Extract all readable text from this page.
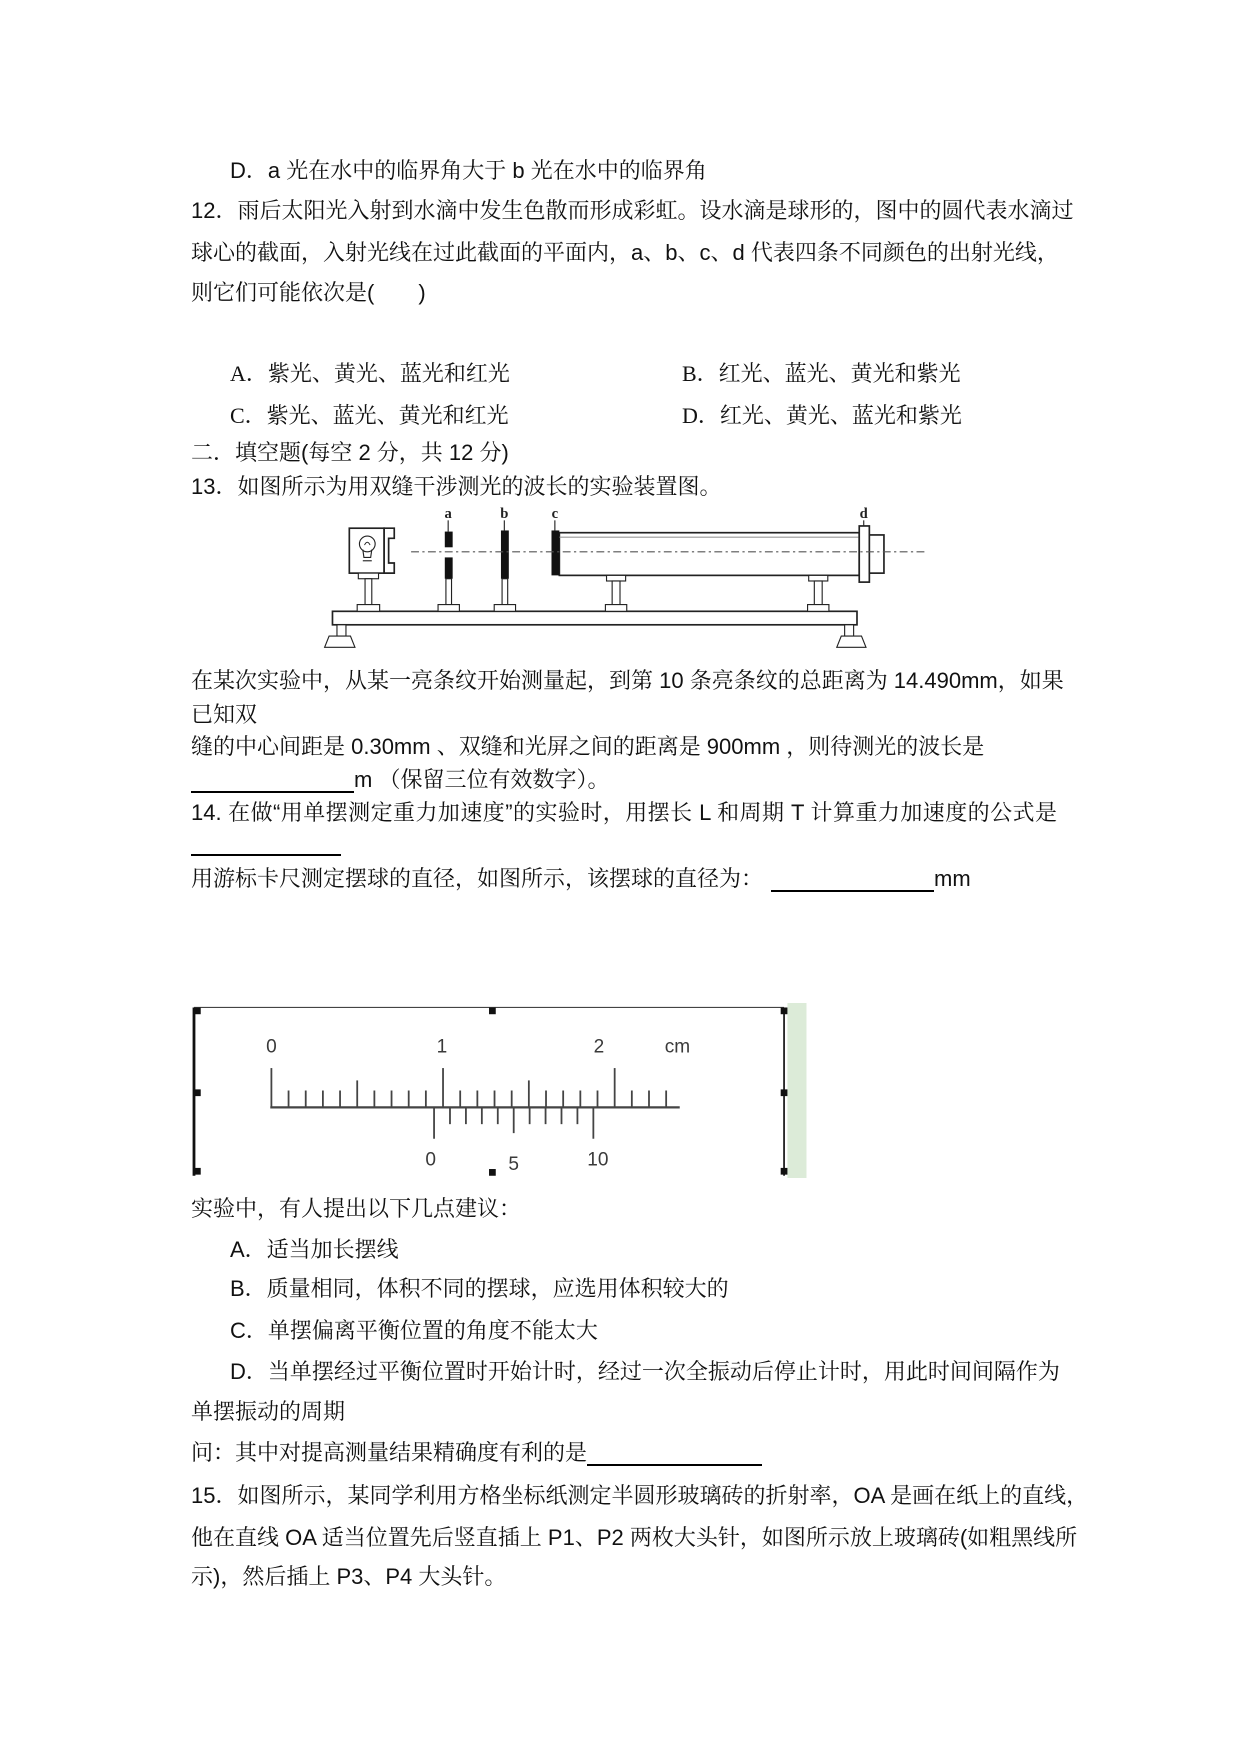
D．a 光在水中的临界角大于 b 光在水中的临界角
12．雨后太阳光入射到水滴中发生色散而形成彩虹。设水滴是球形的，图中的圆代表水滴过
球心的截面，入射光线在过此截面的平面内，a、b、c、d 代表四条不同颜色的出射光线，
则它们可能依次是(　　)
A．紫光、黄光、蓝光和红光	B．红光、蓝光、黄光和紫光
C．紫光、蓝光、黄光和红光	D．红光、黄光、蓝光和紫光
二．填空题(每空 2 分，共 12 分)
13．如图所示为用双缝干涉测光的波长的实验装置图。
a	b	c	d
在某次实验中，从某一亮条纹开始测量起，到第 10 条亮条纹的总距离为 14.490mm，如果
已知双
缝的中心间距是 0.30mm 、双缝和光屏之间的距离是 900mm ，则待测光的波长是
m （保留三位有效数字）。
14. 在做“用单摆测定重力加速度”的实验时，用摆长 L 和周期 T 计算重力加速度的公式是
用游标卡尺测定摆球的直径，如图所示，该摆球的直径为：	mm
0	1	2	cm
0	5	10
实验中，有人提出以下几点建议：
A．适当加长摆线
B．质量相同，体积不同的摆球，应选用体积较大的
C．单摆偏离平衡位置的角度不能太大
D．当单摆经过平衡位置时开始计时，经过一次全振动后停止计时，用此时间间隔作为
单摆振动的周期
问：其中对提高测量结果精确度有利的是
15．如图所示，某同学利用方格坐标纸测定半圆形玻璃砖的折射率，OA 是画在纸上的直线，
他在直线 OA 适当位置先后竖直插上 P1、P2 两枚大头针，如图所示放上玻璃砖(如粗黑线所
示)，然后插上 P3、P4 大头针。
